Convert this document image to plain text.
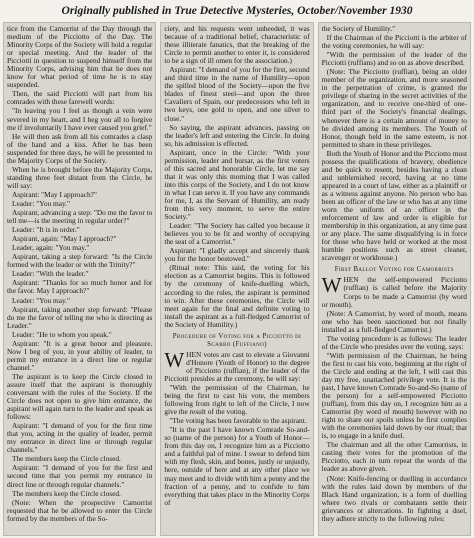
Originally published in True Detective Mysteries, October/November 1930

tice from the Camorrist of the Day through the medium of the Picciotto of the Day. The Minority Corps of the Society will hold a regular or special meeting. And the leader of the Picciotti in question to suspend himself from the Minority Corps, advising him that he does not know for what period of time he is to stay suspended.

Then, the said Picciotti will part from his comrades with these farewell words:

"In leaving you I feel as though a vein were severed in my heart, and I beg you all to forgive me if involuntarily I have ever caused you grief."

He will then ask from all his comrades a clasp of the hand and a kiss. After he has been suspended for three days, he will be presented to the Majority Corps of the Society.

When he is brought before the Majority Corps, standing three feet distant from the Circle, he will say:

Aspirant: "May I approach?"

Leader: "You may."

Aspirant, advancing a step: "Do me the favor to tell me—is the meeting in regular order?"

Leader: "It is in order."

Aspirant, again: "May I approach?"

Leader, again: "You may."

Aspirant, taking a step forward: "Is the Circle formed with the leader or with the Trinity?"

Leader: "With the leader."

Aspirant: "Thanks for so much honor and for the favor. May I approach?"

Leader: "You may."

Aspirant, taking another step forward: "Please do me the favor of telling me who is directing as Leader."

Leader: "He to whom you speak."

Aspirant: "It is a great honor and pleasure. Now I beg of you, in your ability of leader, to permit my entrance in a direct line or regular channel."

The aspirant is to keep the Circle closed to assure itself that the aspirant is thoroughly conversant with the rules of the Society. If the Circle does not open to give him entrance, the aspirant will again turn to the leader and speak as follows:

Aspirant: "I demand of you for the first time that you, acting in the quality of leader, permit my entrance in direct line or through regular channels."

The members keep the Circle closed.

Aspirant: "I demand of you for the first and second time that you permit my entrance in direct line or through regular channels."

The members keep the Circle closed.

(Note: When the prospective Camorrist requested that he be allowed to enter the Circle formed by the members of the So-

ciety, and his requests went unheeded, it was because of a traditional belief, characteristic of these illiterate fanatics, that the breaking of the Circle to permit another to enter it, is considered to be a sign of ill omen for the association.)

Aspirant: "I demand of you for the first, second and third time in the name of Humility—upon the spilled blood of the Society—upon the five blades of finest steel—and upon the three Cavaliers of Spain, our predecessors who left in two keys, one gold to open, and one silver to close."

So saying, the aspirant advances, passing on the leader's left and entering the Circle. In doing so, his admission is effected.

Aspirant, once in the Circle: "With your permission, leader and bursar, as the first voters of this sacred and honorable Circle, let me say that it was only this morning that I was called into this corps of the Society, and I do not know in what I can serve it. If you have any commands for me, I, as the Servant of Humility, am ready from this very moment, to serve the entire Society."

Leader: "The Society has called you because it believes you to be fit and worthy of occupying the seat of a Camorrist."

Aspirant: "I gladly accept and sincerely thank you for the honor bestowed."

(Ritual note: This said, the voting for his election as a Camorrist begins. This is followed by the ceremony of knife-duelling which, according to the rules, the aspirant is permitted to win. After these ceremonies, the Circle will meet again for the final and definite voting to install the aspirant as a full-fledged Camorrist of the Society of Humility.)

Procedure of Voting for a Picciotto di Sgarro (Fuffiano)

WHEN votes are cast to elevate a Giovanni d'Honore (Youth of Honor) to the degree of Picciotto (ruffian), if the leader of the Picciotti presides at the ceremony, he will say:

"With the permission of the Chairman, he being the first to cast his vote, the members following from right to left of the Circle, I now give the result of the voting.

"The voting has been favorable to the aspirant.

"It is the past I have known Comrade So-and-so (name of the person) for a Youth of Honor—from this day on, I recognize him as a Picciotto and a faithful pal of mine. I swear to defend him with my flesh, skin, and bones, justly or unjustly, here, outside of here and at any other place we may meet and to divide with him a penny and the fraction of a penny, and to confide to him everything that takes place in the Minority Corps of

the Society of Humility."

If the Chairman of the Picciotti is the arbiter of the voting ceremonies, he will say:

"With the permission of the leader of the Picciotti (ruffians) and so on as above described.

(Note: The Picciotto (ruffian), being an older member of the organization, and more seasoned in the perpetration of crime, is granted the privilege of sharing in the secret activities of the organization, and to receive one-third of one-third part of the Society's financial dealings, whenever there is a certain amount of money to be divided among its members. The Youth of Honor, though held in the same esteem, is not permitted to share in these privileges.

Both the Youth of Honor and the Picciotto must possess the qualifications of bravery, obedience and be quick to resent, besides having a clean and unblemished record, having at no time appeared in a court of law, either as a plaintiff or as a witness against anyone. No person who has been an officer of the law or who has at any time worn the uniform of an officer in the enforcement of law and order is eligible for membership in this organization, at any time past or any place. The same disqualifying is in force for those who have held or worked at the most humble positions such as street cleaner, scavenger or workhouse.)

First Ballot Voting for Camorrists

WHEN the self-empowered Picciotto (ruffian) is called before the Majority Corps to be made a Camorrist (by word or mouth).

(Note: A Camorrist, by word of mouth, means one who has been sanctioned but not finally installed as a full-fledged Camorrist.)

The voting procedure is as follows: The leader of the Circle who presides over the voting, says:

"With permission of the Chairman, he being the first to cast his vote, beginning at the right of the Circle and ending at the left, I will cast this day my free, unattached privilege vote. It is the past, I have known Comrade So-and-So (name of the person) for a self-empowered Picciotto (ruffian), from this day on, I recognize him as a Camorrist (by word of mouth) however with no right to share our spoils unless he first complies with the ceremonies laid down by our ritual; that is, to engage in a knife duel.

The chairman and all the other Camorrists, in casting their votes for the promotion of the Picciotto, each in turn repeat the words of the leader as above given.

(Note: Knife-fencing or duelling in accordance with the rules laid down by members of the Black Hand organization, is a form of duelling where two rivals or combatants settle their grievances or altercations. In fighting a duel, they adhere strictly to the following rules:
